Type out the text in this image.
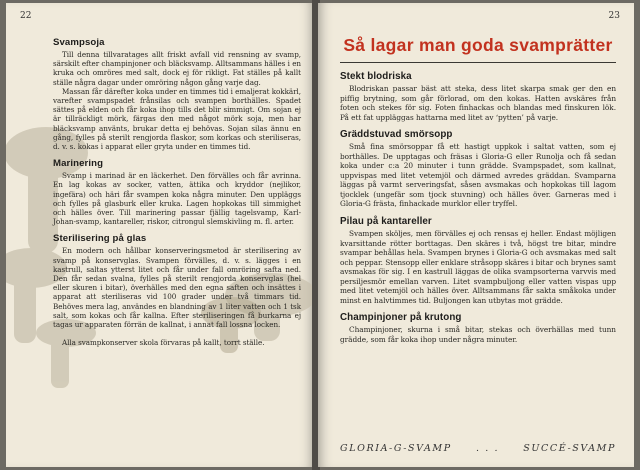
22
Svampsoja

Till denna tillvaratages allt friskt avfall vid rensning av svamp, särskilt efter champinjoner och bläcksvamp. Alltsammans hälles i en kruka och omröres med salt, dock ej för rikligt. Fat ställes på kallt ställe några dagar under omröring någon gång varje dag.

Massan får därefter koka under en timmes tid i emaljerat kokkärl, varefter svampspadet frånsilas och svampen borthälles. Spadet sättes på elden och får koka ihop tills det blir simmigt. Om sojan ej är tillräckligt mörk, färgas den med något mörk soja, men har bläcksvamp använts, brukar detta ej behövas. Sojan silas ännu en gång, fylles på sterilt rengjorda flaskor, som korkas och steriliseras, d. v. s. kokas i apparat eller gryta under en timmes tid.

Marinering

Svamp i marinad är en läckerhet. Den förvälles och får avrinna. En lag kokas av socker, vatten, ättika och kryddor (nejlikor, ingefära) och häri får svampen koka några minuter. Den uppläggs och fylles på glasburk eller kruka. Lagen hopkokas till simmighet och hälles över. Till marinering passar fjällig tagelsvamp, Karl-Johan-svamp, kantareller, riskor, citrongul slemskivling m. fl. arter.

Sterilisering på glas

En modern och hållbar konserveringsmetod är sterilisering av svamp på konservglas. Svampen förvälles, d. v. s. lägges i en kastrull, saltas ytterst litet och får under fall omröring safta ned. Den får sedan svalna, fylles på sterilt rengjorda konservglas (hel eller skuren i bitar), överhälles med den egna saften och insättes i apparat att steriliseras vid 100 grader under två timmars tid. Behöves mera lag, användes en blandning av 1 liter vatten och 1 tsk salt, som kokas och får kallna. Efter steriliseringen få burkarna ej tagas ur apparaten förrän de kallnat, i annat fall lossna locken.

Alla svampkonserver skola förvaras på kallt, torrt ställe.

23
Så lagar man goda svamprätter
Stekt blodriska

Blodriskan passar bäst att steka, dess litet skarpa smak ger den en piffig brytning, som går förlorad, om den kokas. Hatten avskäres från foten och stekes för sig. Foten finhackas och blandas med finskuren lök. På ett fat uppläggas hattarna med litet av ‘pytten’ på varje.

Gräddstuvad smörsopp

Små fina smörsoppar få ett hastigt uppkok i saltat vatten, som ej borthälles. De upptagas och fräsas i Gloria-G eller Runolja och få sedan koka under c:a 20 minuter i tunn grädde. Svampspadet, som kallnat, uppvispas med litet vetemjöl och därmed avredes gräddan. Svamparna läggas på varmt serveringsfat, såsen avsmakas och hopkokas till lagom tjocklek (ungefär som tjock stuvning) och hälles över. Garneras med i Gloria-G frästa, finhackade murklor eller tryffel.

Pilau på kantareller

Svampen sköljes, men förvälles ej och rensas ej heller. Endast möjligen kvarsittande rötter borttagas. Den skäres i två, högst tre bitar, mindre svampar behållas hela. Svampen brynes i Gloria-G och avsmakas med salt och peppar. Stensopp eller enklare stråsopp skäres i bitar och brynes samt avsmakas för sig. I en kastrull läggas de olika svampsorterna varvvis med persiljesmör emellan varven. Litet svampbuljong eller vatten vispas upp med litet vetemjöl och hälles över. Alltsammans får sakta småkoka under minst en halvtimmes tid. Buljongen kan utbytas mot grädde.

Champinjoner på krutong

Champinjoner, skurna i små bitar, stekas och överhällas med tunn grädde, som får koka ihop under några minuter.

GLORIA-G-SVAMP	. . .	SUCCÉ-SVAMP
